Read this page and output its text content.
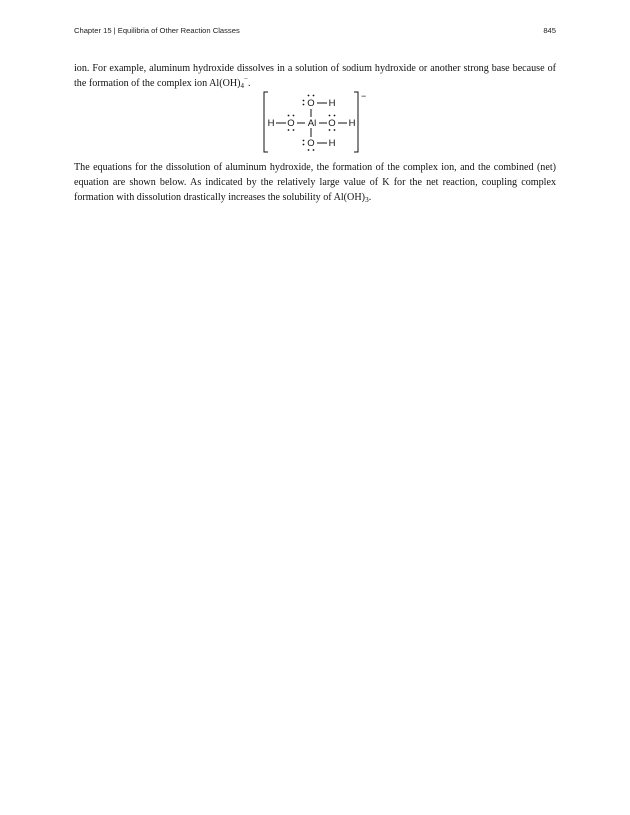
Chapter 15 | Equilibria of Other Reaction Classes	845

ion. For example, aluminum hydroxide dissolves in a solution of sodium hydroxide or another strong base because of the formation of the complex ion $Al(OH)_4^-$.

−
Al
O H
H O	O H
O H

The equations for the dissolution of aluminum hydroxide, the formation of the complex ion, and the combined (net) equation are shown below. As indicated by the relatively large value of K for the net reaction, coupling complex formation with dissolution drastically increases the solubility of $Al(OH)_3$.
